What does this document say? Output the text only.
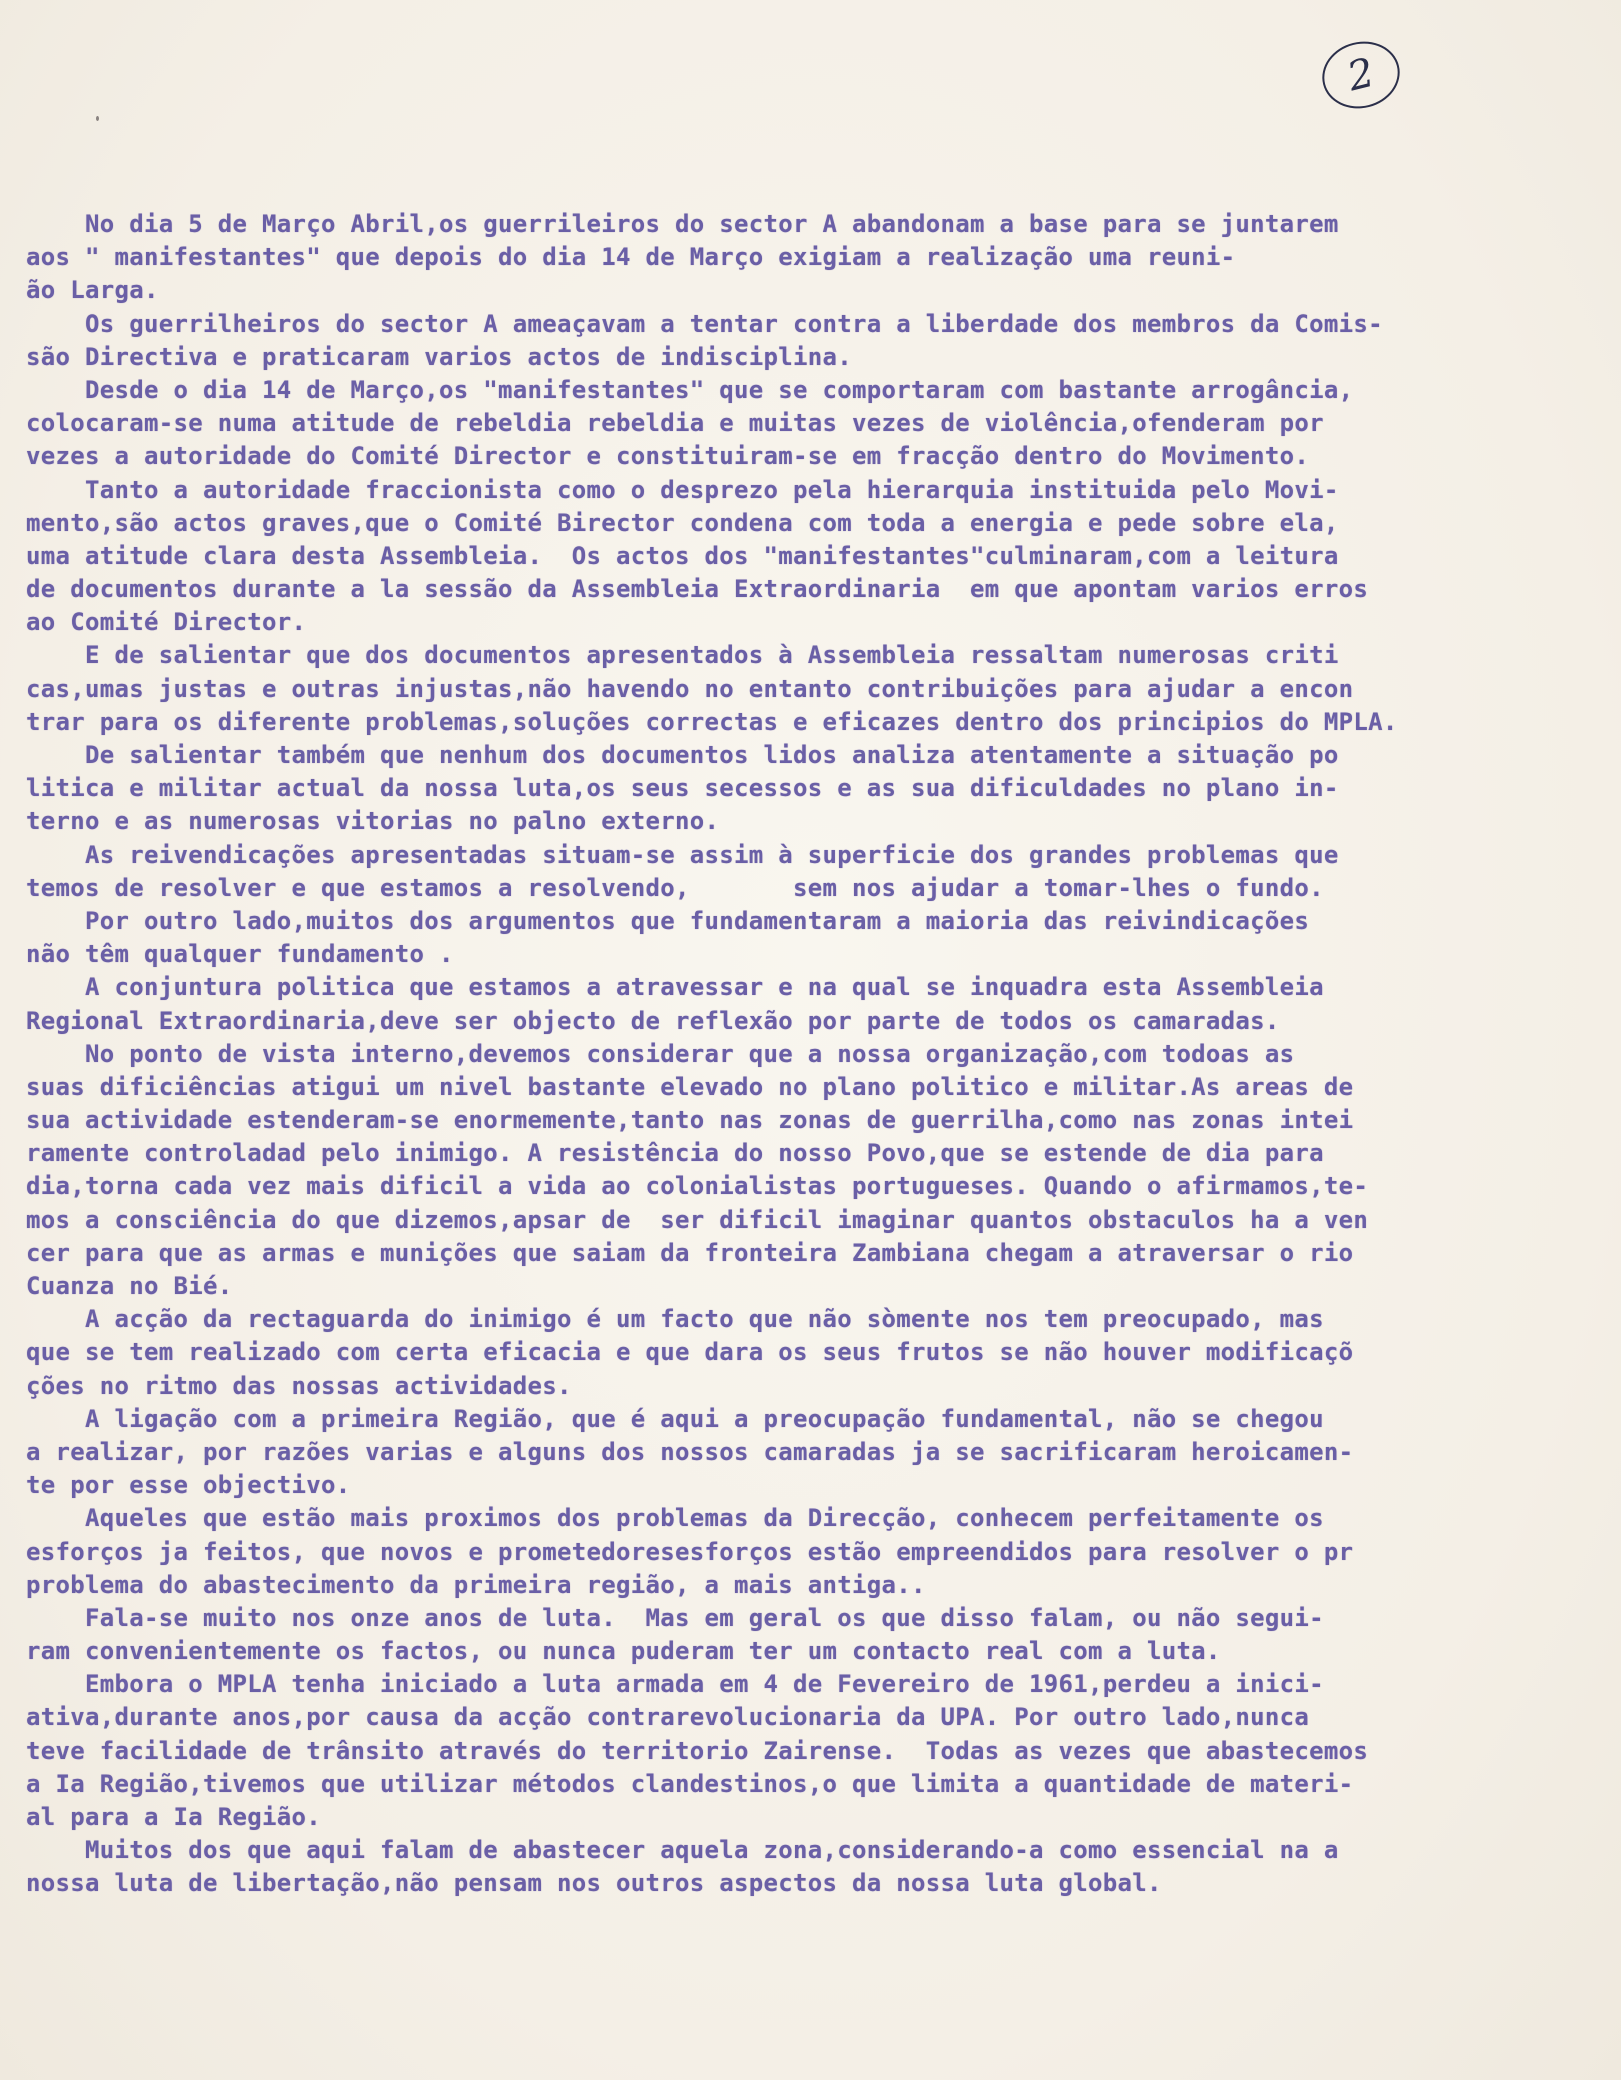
2
No dia 5 de Março Abril,os guerrileiros do sector A abandonam a base para se juntarem
aos " manifestantes" que depois do dia 14 de Março exigiam a realização uma reuni-
ão Larga.
Os guerrilheiros do sector A ameaçavam a tentar contra a liberdade dos membros da Comis-
são Directiva e praticaram varios actos de indisciplina.
Desde o dia 14 de Março,os "manifestantes" que se comportaram com bastante arrogância,
colocaram-se numa atitude de rebeldia rebeldia e muitas vezes de violência,ofenderam por
vezes a autoridade do Comité Director e constituiram-se em fracção dentro do Movimento.
Tanto a autoridade fraccionista como o desprezo pela hierarquia instituida pelo Movi-
mento,são actos graves,que o Comité Birector condena com toda a energia e pede sobre ela,
uma atitude clara desta Assembleia.  Os actos dos "manifestantes"culminaram,com a leitura
de documentos durante a la sessão da Assembleia Extraordinaria  em que apontam varios erros
ao Comité Director.
E de salientar que dos documentos apresentados à Assembleia ressaltam numerosas criti
cas,umas justas e outras injustas,não havendo no entanto contribuições para ajudar a encon
trar para os diferente problemas,soluções correctas e eficazes dentro dos principios do MPLA.
De salientar também que nenhum dos documentos lidos analiza atentamente a situação po
litica e militar actual da nossa luta,os seus secessos e as sua dificuldades no plano in-
terno e as numerosas vitorias no palno externo.
As reivendicações apresentadas situam-se assim à superficie dos grandes problemas que
temos de resolver e que estamos a resolvendo,       sem nos ajudar a tomar-lhes o fundo.
Por outro lado,muitos dos argumentos que fundamentaram a maioria das reivindicações
não têm qualquer fundamento .
A conjuntura politica que estamos a atravessar e na qual se inquadra esta Assembleia
Regional Extraordinaria,deve ser objecto de reflexão por parte de todos os camaradas.
No ponto de vista interno,devemos considerar que a nossa organização,com todoas as
suas dificiências atigui um nivel bastante elevado no plano politico e militar.As areas de
sua actividade estenderam-se enormemente,tanto nas zonas de guerrilha,como nas zonas intei
ramente controladad pelo inimigo. A resistência do nosso Povo,que se estende de dia para
dia,torna cada vez mais dificil a vida ao colonialistas portugueses. Quando o afirmamos,te-
mos a consciência do que dizemos,apsar de  ser dificil imaginar quantos obstaculos ha a ven
cer para que as armas e munições que saiam da fronteira Zambiana chegam a atraversar o rio
Cuanza no Bié.
A acção da rectaguarda do inimigo é um facto que não sòmente nos tem preocupado, mas
que se tem realizado com certa eficacia e que dara os seus frutos se não houver modificaçõ
ções no ritmo das nossas actividades.
A ligação com a primeira Região, que é aqui a preocupação fundamental, não se chegou
a realizar, por razões varias e alguns dos nossos camaradas ja se sacrificaram heroicamen-
te por esse objectivo.
Aqueles que estão mais proximos dos problemas da Direcção, conhecem perfeitamente os
esforços ja feitos, que novos e prometedoresesforços estão empreendidos para resolver o pr
problema do abastecimento da primeira região, a mais antiga..
Fala-se muito nos onze anos de luta.  Mas em geral os que disso falam, ou não segui-
ram convenientemente os factos, ou nunca puderam ter um contacto real com a luta.
Embora o MPLA tenha iniciado a luta armada em 4 de Fevereiro de 1961,perdeu a inici-
ativa,durante anos,por causa da acção contrarevolucionaria da UPA. Por outro lado,nunca
teve facilidade de trânsito através do territorio Zairense.  Todas as vezes que abastecemos
a Ia Região,tivemos que utilizar métodos clandestinos,o que limita a quantidade de materi-
al para a Ia Região.
Muitos dos que aqui falam de abastecer aquela zona,considerando-a como essencial na a
nossa luta de libertação,não pensam nos outros aspectos da nossa luta global.
